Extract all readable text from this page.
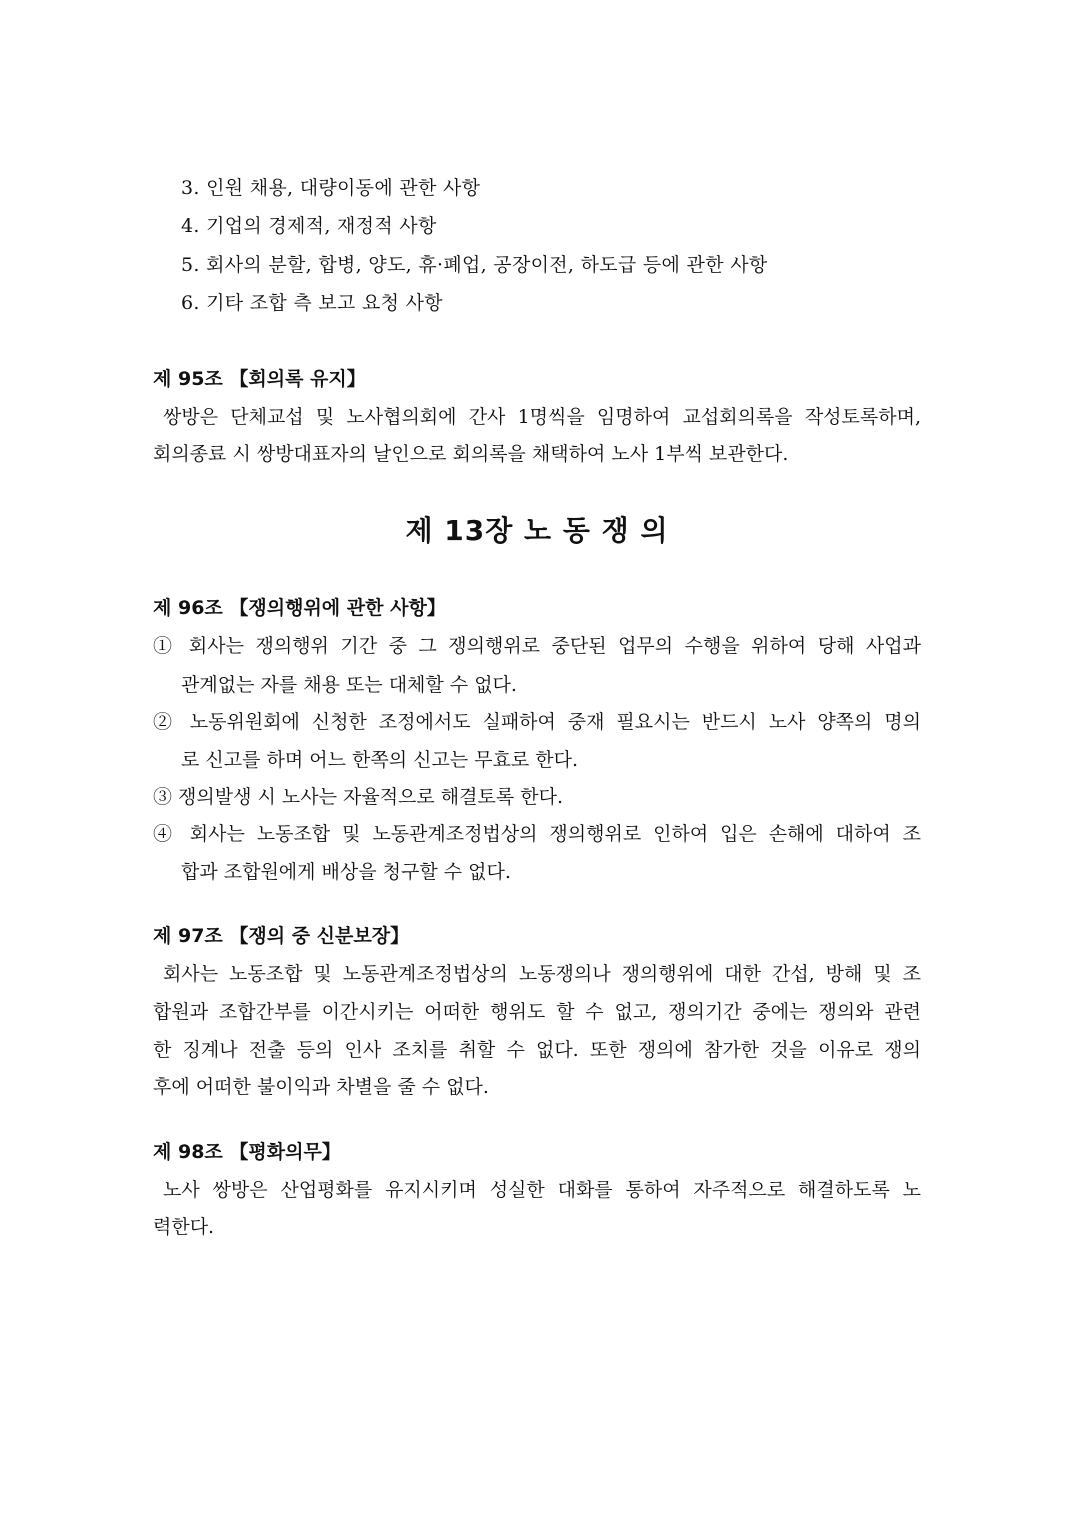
3. 인원 채용, 대량이동에 관한 사항

4. 기업의 경제적, 재정적 사항

5. 회사의 분할, 합병, 양도, 휴·폐업, 공장이전, 하도급 등에 관한 사항

6. 기타 조합 측 보고 요청 사항

제 95조 【회의록 유지】

쌍방은 단체교섭 및 노사협의회에 간사 1명씩을 임명하여 교섭회의록을 작성토록하며,

회의종료 시 쌍방대표자의 날인으로 회의록을 채택하여 노사 1부씩 보관한다.

제 13장 노 동 쟁 의

제 96조 【쟁의행위에 관한 사항】

① 회사는 쟁의행위 기간 중 그 쟁의행위로 중단된 업무의 수행을 위하여 당해 사업과

관계없는 자를 채용 또는 대체할 수 없다.

② 노동위원회에 신청한 조정에서도 실패하여 중재 필요시는 반드시 노사 양쪽의 명의

로 신고를 하며 어느 한쪽의 신고는 무효로 한다.

③ 쟁의발생 시 노사는 자율적으로 해결토록 한다.

④ 회사는 노동조합 및 노동관계조정법상의 쟁의행위로 인하여 입은 손해에 대하여 조

합과 조합원에게 배상을 청구할 수 없다.

제 97조 【쟁의 중 신분보장】

회사는 노동조합 및 노동관계조정법상의 노동쟁의나 쟁의행위에 대한 간섭, 방해 및 조

합원과 조합간부를 이간시키는 어떠한 행위도 할 수 없고, 쟁의기간 중에는 쟁의와 관련

한 징계나 전출 등의 인사 조치를 취할 수 없다. 또한 쟁의에 참가한 것을 이유로 쟁의

후에 어떠한 불이익과 차별을 줄 수 없다.

제 98조 【평화의무】

노사 쌍방은 산업평화를 유지시키며 성실한 대화를 통하여 자주적으로 해결하도록 노

력한다.
